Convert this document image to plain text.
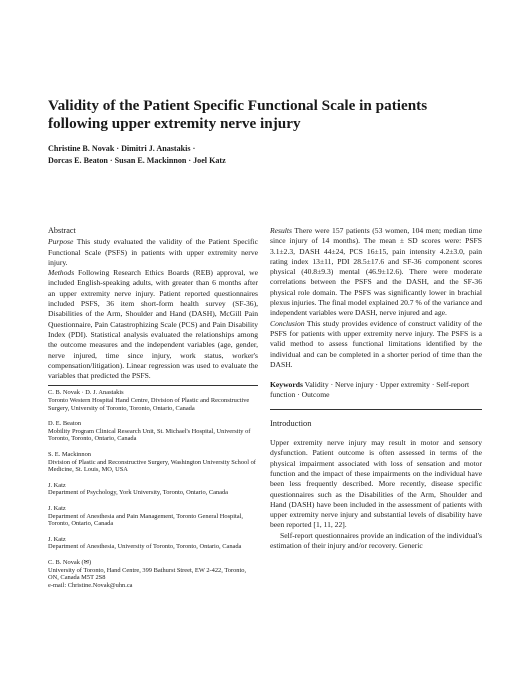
Validity of the Patient Specific Functional Scale in patients following upper extremity nerve injury
Christine B. Novak · Dimitri J. Anastakis ·
Dorcas E. Beaton · Susan E. Mackinnon · Joel Katz
Abstract

Purpose This study evaluated the validity of the Patient Specific Functional Scale (PSFS) in patients with upper extremity nerve injury.

Methods Following Research Ethics Boards (REB) approval, we included English-speaking adults, with greater than 6 months after an upper extremity nerve injury. Patient reported questionnaires included PSFS, 36 item short-form health survey (SF-36), Disabilities of the Arm, Shoulder and Hand (DASH), McGill Pain Questionnaire, Pain Catastrophizing Scale (PCS) and Pain Disability Index (PDI). Statistical analysis evaluated the relationships among the outcome measures and the independent variables (age, gender, nerve injured, time since injury, work status, worker's compensation/litigation). Linear regression was used to evaluate the variables that predicted the PSFS.

C. B. Novak · D. J. Anastakis
Toronto Western Hospital Hand Centre, Division of Plastic and Reconstructive Surgery, University of Toronto, Toronto, Ontario, Canada
D. E. Beaton
Mobility Program Clinical Research Unit, St. Michael's Hospital, University of Toronto, Toronto, Ontario, Canada
S. E. Mackinnon
Division of Plastic and Reconstructive Surgery, Washington University School of Medicine, St. Louis, MO, USA
J. Katz
Department of Psychology, York University, Toronto, Ontario, Canada
J. Katz
Department of Anesthesia and Pain Management, Toronto General Hospital, Toronto, Ontario, Canada
J. Katz
Department of Anesthesia, University of Toronto, Toronto, Ontario, Canada
C. B. Novak (✉)
University of Toronto, Hand Centre, 399 Bathurst Street, EW 2-422, Toronto, ON, Canada M5T 2S8
e-mail: Christine.Novak@uhn.ca

Results There were 157 patients (53 women, 104 men; median time since injury of 14 months). The mean ± SD scores were: PSFS 3.1±2.3, DASH 44±24, PCS 16±15, pain intensity 4.2±3.0, pain rating index 13±11, PDI 28.5±17.6 and SF-36 component scores physical (40.8±9.3) mental (46.9±12.6). There were moderate correlations between the PSFS and the DASH, and the SF-36 physical role domain. The PSFS was significantly lower in brachial plexus injuries. The final model explained 20.7 % of the variance and independent variables were DASH, nerve injured and age.

Conclusion This study provides evidence of construct validity of the PSFS for patients with upper extremity nerve injury. The PSFS is a valid method to assess functional limitations identified by the individual and can be completed in a shorter period of time than the DASH.

Keywords Validity · Nerve injury · Upper extremity · Self-report function · Outcome

Introduction

Upper extremity nerve injury may result in motor and sensory dysfunction. Patient outcome is often assessed in terms of the physical impairment associated with loss of sensation and motor function and the impact of these impairments on the individual have been less frequently described. More recently, disease specific questionnaires such as the Disabilities of the Arm, Shoulder and Hand (DASH) have been included in the assessment of patients with upper extremity nerve injury and substantial levels of disability have been reported [1, 11, 22].

Self-report questionnaires provide an indication of the individual's estimation of their injury and/or recovery. Generic
